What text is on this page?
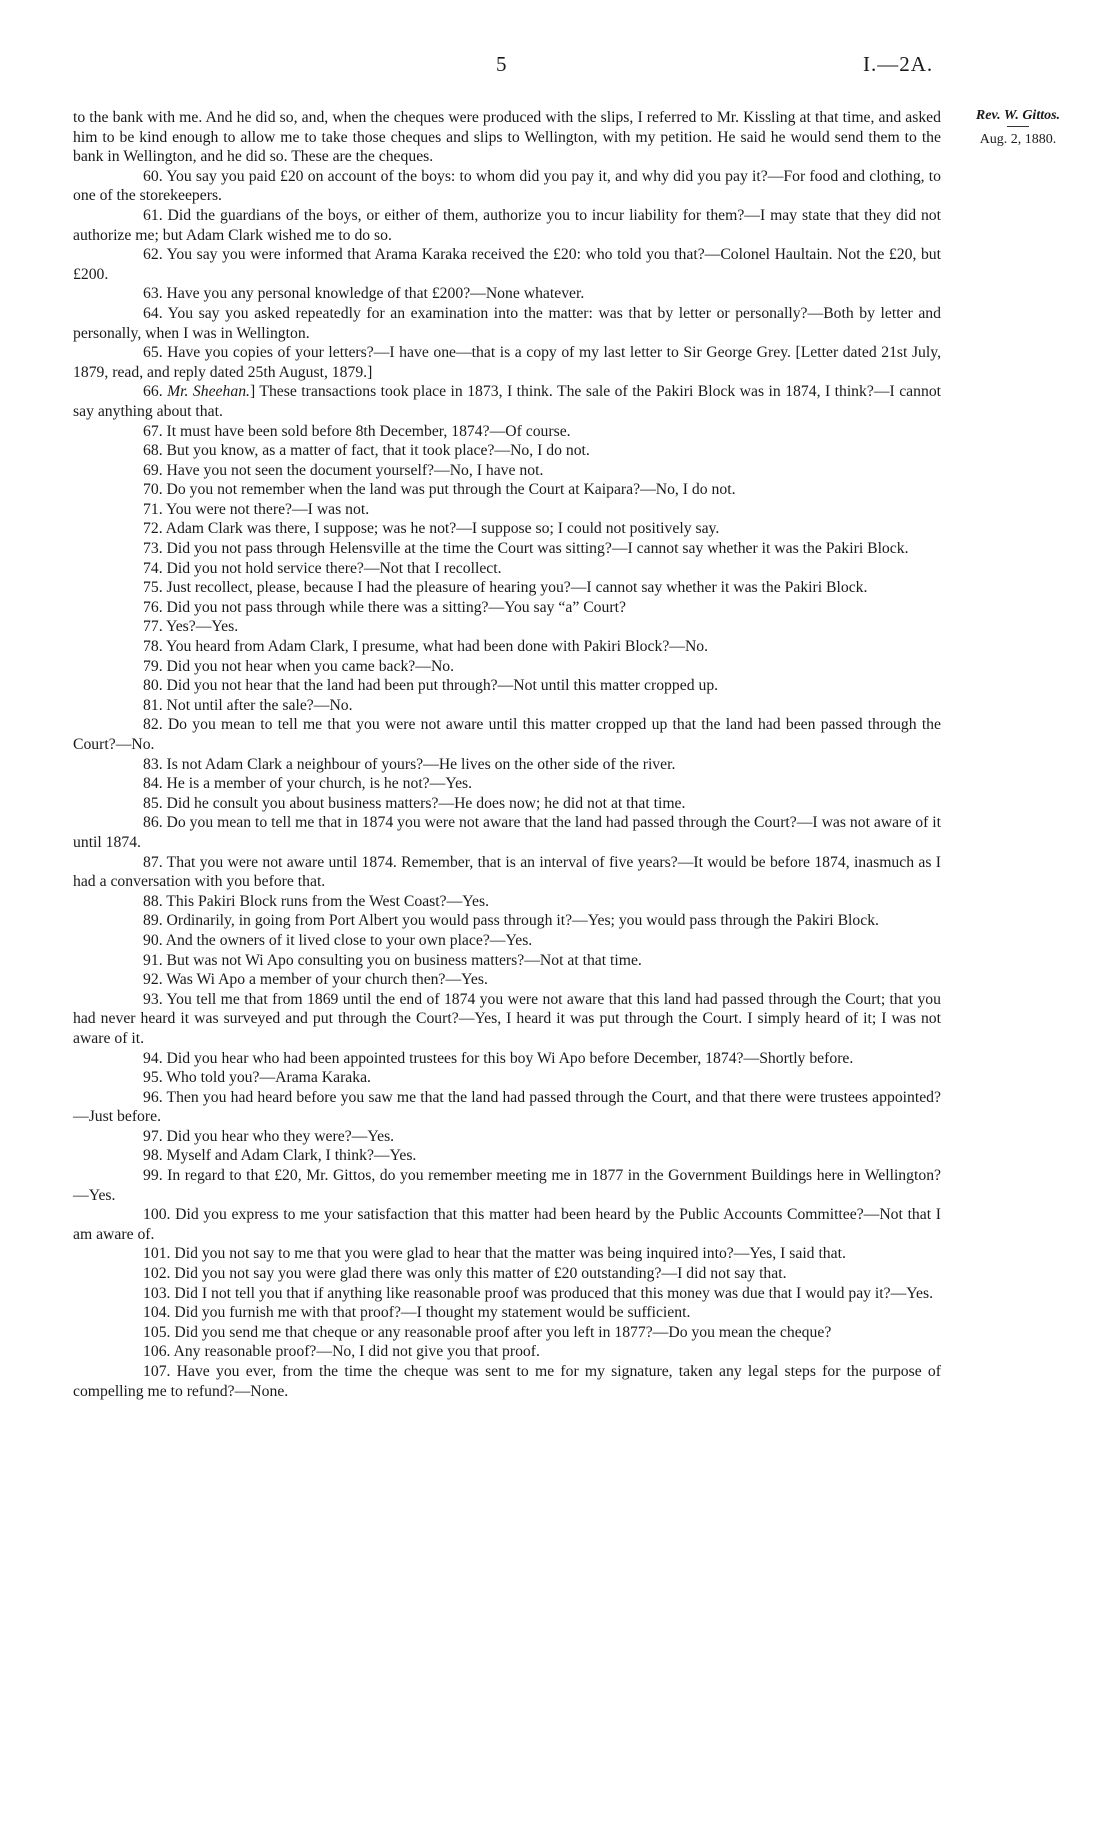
5	I.—2A.
Rev. W. Gittos.
Aug. 2, 1880.

to the bank with me. And he did so, and, when the cheques were produced with the slips, I referred to Mr. Kissling at that time, and asked him to be kind enough to allow me to take those cheques and slips to Wellington, with my petition. He said he would send them to the bank in Wellington, and he did so. These are the cheques.

60. You say you paid £20 on account of the boys: to whom did you pay it, and why did you pay it?—For food and clothing, to one of the storekeepers.

61. Did the guardians of the boys, or either of them, authorize you to incur liability for them?—I may state that they did not authorize me; but Adam Clark wished me to do so.

62. You say you were informed that Arama Karaka received the £20: who told you that?—Colonel Haultain. Not the £20, but £200.

63. Have you any personal knowledge of that £200?—None whatever.

64. You say you asked repeatedly for an examination into the matter: was that by letter or personally?—Both by letter and personally, when I was in Wellington.

65. Have you copies of your letters?—I have one—that is a copy of my last letter to Sir George Grey. [Letter dated 21st July, 1879, read, and reply dated 25th August, 1879.]

66. Mr. Sheehan.] These transactions took place in 1873, I think. The sale of the Pakiri Block was in 1874, I think?—I cannot say anything about that.

67. It must have been sold before 8th December, 1874?—Of course.

68. But you know, as a matter of fact, that it took place?—No, I do not.

69. Have you not seen the document yourself?—No, I have not.

70. Do you not remember when the land was put through the Court at Kaipara?—No, I do not.

71. You were not there?—I was not.

72. Adam Clark was there, I suppose; was he not?—I suppose so; I could not positively say.

73. Did you not pass through Helensville at the time the Court was sitting?—I cannot say whether it was the Pakiri Block.

74. Did you not hold service there?—Not that I recollect.

75. Just recollect, please, because I had the pleasure of hearing you?—I cannot say whether it was the Pakiri Block.

76. Did you not pass through while there was a sitting?—You say “a” Court?

77. Yes?—Yes.

78. You heard from Adam Clark, I presume, what had been done with Pakiri Block?—No.

79. Did you not hear when you came back?—No.

80. Did you not hear that the land had been put through?—Not until this matter cropped up.

81. Not until after the sale?—No.

82. Do you mean to tell me that you were not aware until this matter cropped up that the land had been passed through the Court?—No.

83. Is not Adam Clark a neighbour of yours?—He lives on the other side of the river.

84. He is a member of your church, is he not?—Yes.

85. Did he consult you about business matters?—He does now; he did not at that time.

86. Do you mean to tell me that in 1874 you were not aware that the land had passed through the Court?—I was not aware of it until 1874.

87. That you were not aware until 1874. Remember, that is an interval of five years?—It would be before 1874, inasmuch as I had a conversation with you before that.

88. This Pakiri Block runs from the West Coast?—Yes.

89. Ordinarily, in going from Port Albert you would pass through it?—Yes; you would pass through the Pakiri Block.

90. And the owners of it lived close to your own place?—Yes.

91. But was not Wi Apo consulting you on business matters?—Not at that time.

92. Was Wi Apo a member of your church then?—Yes.

93. You tell me that from 1869 until the end of 1874 you were not aware that this land had passed through the Court; that you had never heard it was surveyed and put through the Court?—Yes, I heard it was put through the Court. I simply heard of it; I was not aware of it.

94. Did you hear who had been appointed trustees for this boy Wi Apo before December, 1874?—Shortly before.

95. Who told you?—Arama Karaka.

96. Then you had heard before you saw me that the land had passed through the Court, and that there were trustees appointed?—Just before.

97. Did you hear who they were?—Yes.

98. Myself and Adam Clark, I think?—Yes.

99. In regard to that £20, Mr. Gittos, do you remember meeting me in 1877 in the Government Buildings here in Wellington?—Yes.

100. Did you express to me your satisfaction that this matter had been heard by the Public Accounts Committee?—Not that I am aware of.

101. Did you not say to me that you were glad to hear that the matter was being inquired into?—Yes, I said that.

102. Did you not say you were glad there was only this matter of £20 outstanding?—I did not say that.

103. Did I not tell you that if anything like reasonable proof was produced that this money was due that I would pay it?—Yes.

104. Did you furnish me with that proof?—I thought my statement would be sufficient.

105. Did you send me that cheque or any reasonable proof after you left in 1877?—Do you mean the cheque?

106. Any reasonable proof?—No, I did not give you that proof.

107. Have you ever, from the time the cheque was sent to me for my signature, taken any legal steps for the purpose of compelling me to refund?—None.
